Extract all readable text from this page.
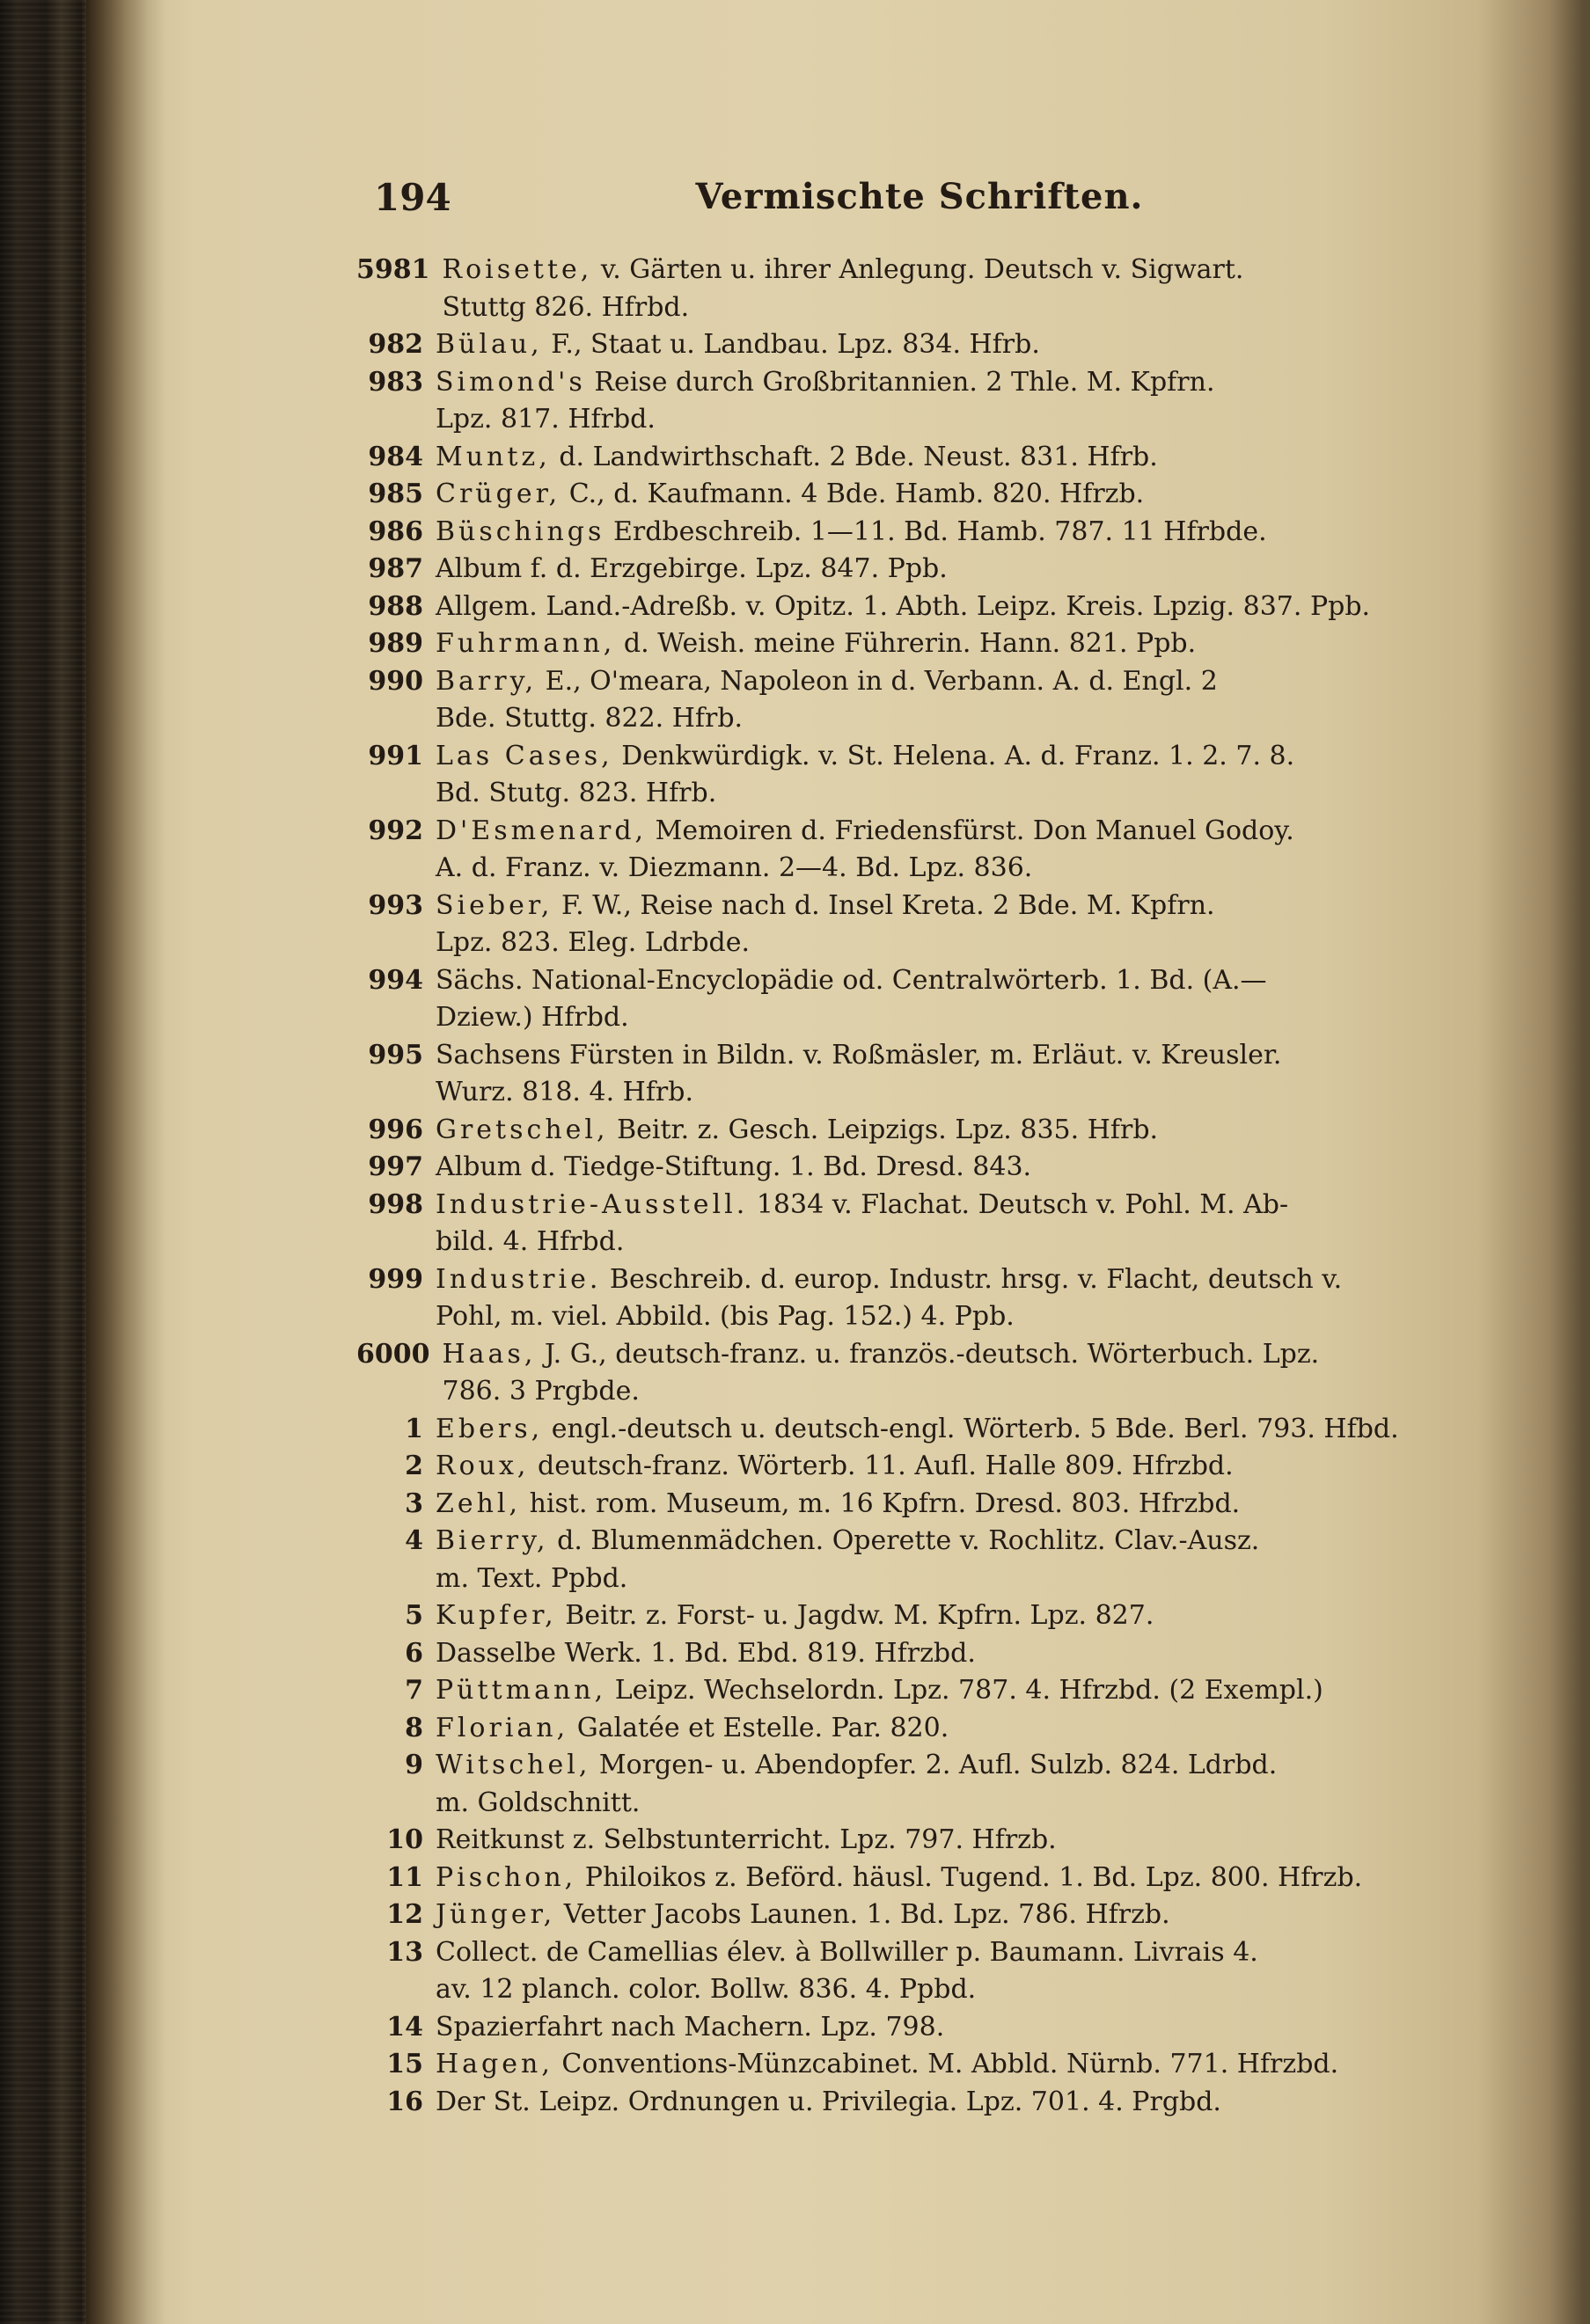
194	Vermischte Schriften.
5981 Roisette, v. Gärten u. ihrer Anlegung. Deutsch v. Sigwart.
Stuttg 826. Hfrbd.
982 Bülau, F., Staat u. Landbau. Lpz. 834. Hfrb.
983 Simond's Reise durch Großbritannien. 2 Thle. M. Kpfrn.
Lpz. 817. Hfrbd.
984 Muntz, d. Landwirthschaft. 2 Bde. Neust. 831. Hfrb.
985 Crüger, C., d. Kaufmann. 4 Bde. Hamb. 820. Hfrzb.
986 Büschings Erdbeschreib. 1—11. Bd. Hamb. 787. 11 Hfrbde.
987 Album f. d. Erzgebirge. Lpz. 847. Ppb.
988 Allgem. Land.-Adreßb. v. Opitz. 1. Abth. Leipz. Kreis. Lpzig. 837. Ppb.
989 Fuhrmann, d. Weish. meine Führerin. Hann. 821. Ppb.
990 Barry, E., O'meara, Napoleon in d. Verbann. A. d. Engl. 2
Bde. Stuttg. 822. Hfrb.
991 Las Cases, Denkwürdigk. v. St. Helena. A. d. Franz. 1. 2. 7. 8.
Bd. Stutg. 823. Hfrb.
992 D'Esmenard, Memoiren d. Friedensfürst. Don Manuel Godoy.
A. d. Franz. v. Diezmann. 2—4. Bd. Lpz. 836.
993 Sieber, F. W., Reise nach d. Insel Kreta. 2 Bde. M. Kpfrn.
Lpz. 823. Eleg. Ldrbde.
994 Sächs. National-Encyclopädie od. Centralwörterb. 1. Bd. (A.—
Dziew.) Hfrbd.
995 Sachsens Fürsten in Bildn. v. Roßmäsler, m. Erläut. v. Kreusler.
Wurz. 818. 4. Hfrb.
996 Gretschel, Beitr. z. Gesch. Leipzigs. Lpz. 835. Hfrb.
997 Album d. Tiedge-Stiftung. 1. Bd. Dresd. 843.
998 Industrie-Ausstell. 1834 v. Flachat. Deutsch v. Pohl. M. Ab-
bild. 4. Hfrbd.
999 Industrie. Beschreib. d. europ. Industr. hrsg. v. Flacht, deutsch v.
Pohl, m. viel. Abbild. (bis Pag. 152.) 4. Ppb.
6000 Haas, J. G., deutsch-franz. u. französ.-deutsch. Wörterbuch. Lpz.
786. 3 Prgbde.
1 Ebers, engl.-deutsch u. deutsch-engl. Wörterb. 5 Bde. Berl. 793. Hfbd.
2 Roux, deutsch-franz. Wörterb. 11. Aufl. Halle 809. Hfrzbd.
3 Zehl, hist. rom. Museum, m. 16 Kpfrn. Dresd. 803. Hfrzbd.
4 Bierry, d. Blumenmädchen. Operette v. Rochlitz. Clav.-Ausz.
m. Text. Ppbd.
5 Kupfer, Beitr. z. Forst- u. Jagdw. M. Kpfrn. Lpz. 827.
6 Dasselbe Werk. 1. Bd. Ebd. 819. Hfrzbd.
7 Püttmann, Leipz. Wechselordn. Lpz. 787. 4. Hfrzbd. (2 Exempl.)
8 Florian, Galatée et Estelle. Par. 820.
9 Witschel, Morgen- u. Abendopfer. 2. Aufl. Sulzb. 824. Ldrbd.
m. Goldschnitt.
10 Reitkunst z. Selbstunterricht. Lpz. 797. Hfrzb.
11 Pischon, Philoikos z. Beförd. häusl. Tugend. 1. Bd. Lpz. 800. Hfrzb.
12 Jünger, Vetter Jacobs Launen. 1. Bd. Lpz. 786. Hfrzb.
13 Collect. de Camellias élev. à Bollwiller p. Baumann. Livrais 4.
av. 12 planch. color. Bollw. 836. 4. Ppbd.
14 Spazierfahrt nach Machern. Lpz. 798.
15 Hagen, Conventions-Münzcabinet. M. Abbld. Nürnb. 771. Hfrzbd.
16 Der St. Leipz. Ordnungen u. Privilegia. Lpz. 701. 4. Prgbd.
